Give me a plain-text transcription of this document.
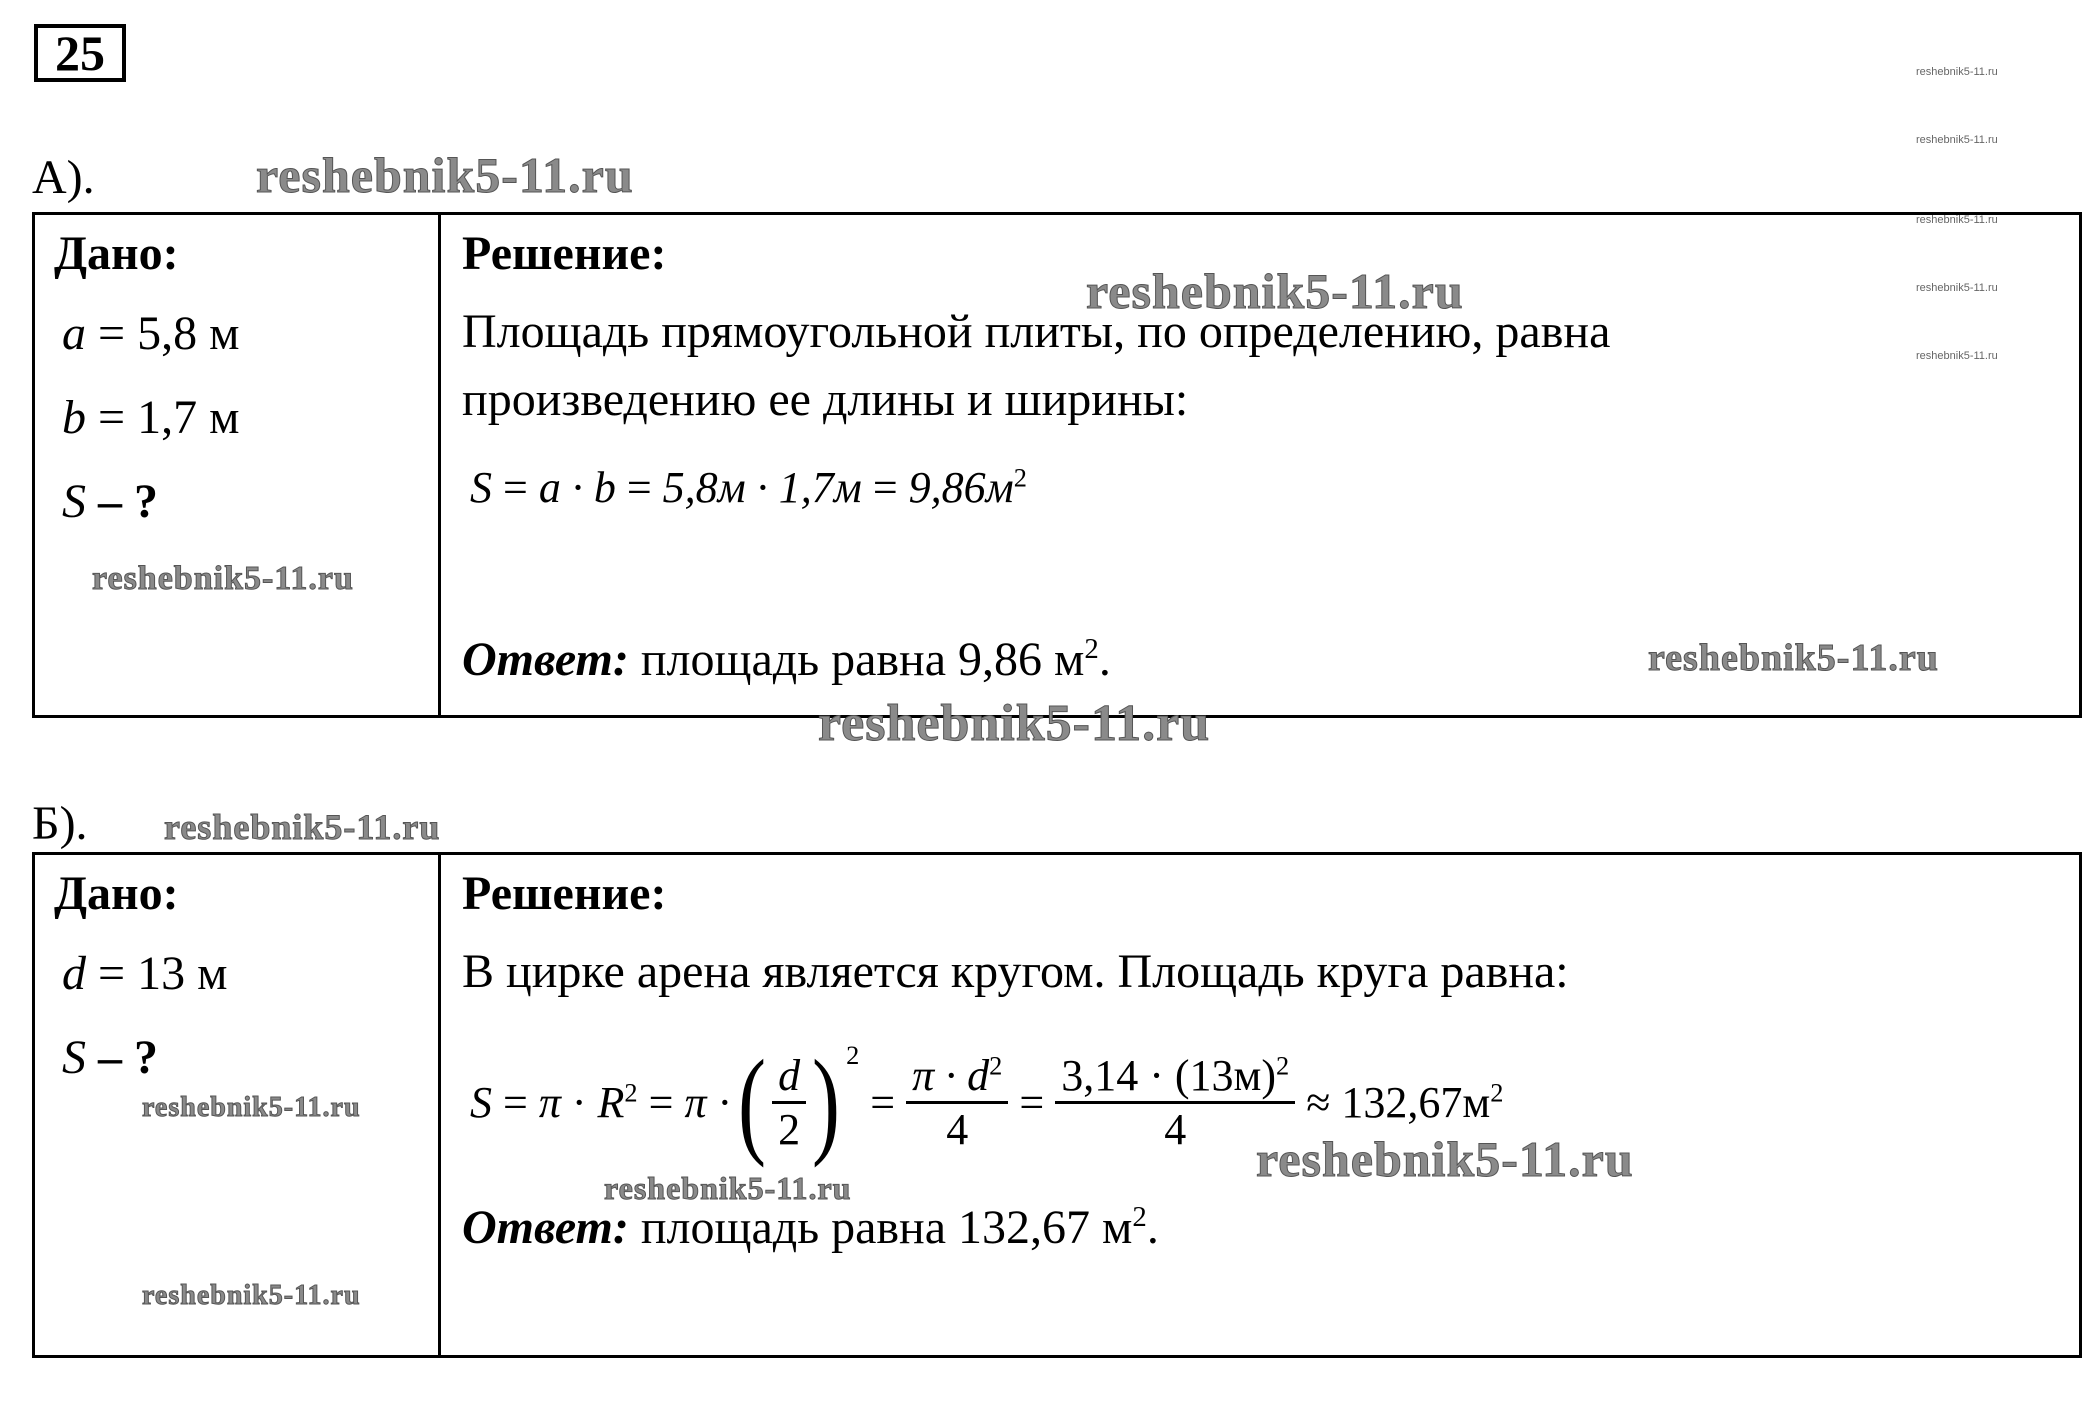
25	reshebnik5-11.ru
reshebnik5-11.ru
reshebnik5-11.ru
reshebnik5-11.ru
reshebnik5-11.ru
А).	reshebnik5-11.ru
Дано:
a = 5,8 м
b = 1,7 м
S – ?
reshebnik5-11.ru
Решение:
reshebnik5-11.ru
Площадь прямоугольной плиты, по определению, равна
произведению ее длины и ширины:
$S = a \cdot b = 5,8м \cdot 1,7м = 9,86м^2$
Ответ: площадь равна 9,86 $м^2$.	reshebnik5-11.ru
reshebnik5-11.ru
Б). reshebnik5-11.ru
Дано:
d = 13 м
S – ?
reshebnik5-11.ru
reshebnik5-11.ru
Решение:
В цирке арена является кругом. Площадь круга равна:
$S = \pi \cdot R^2 = \pi$ · ( $\frac{d}{2} )^2$
= $\frac{\pi \cdot d^2}{4} = \frac{3,14 \cdot (13м)^2}{4} \approx 132,67м^2$
reshebnik5-11.ru
reshebnik5-11.ru
Ответ: площадь равна 132,67 $м^2$.
